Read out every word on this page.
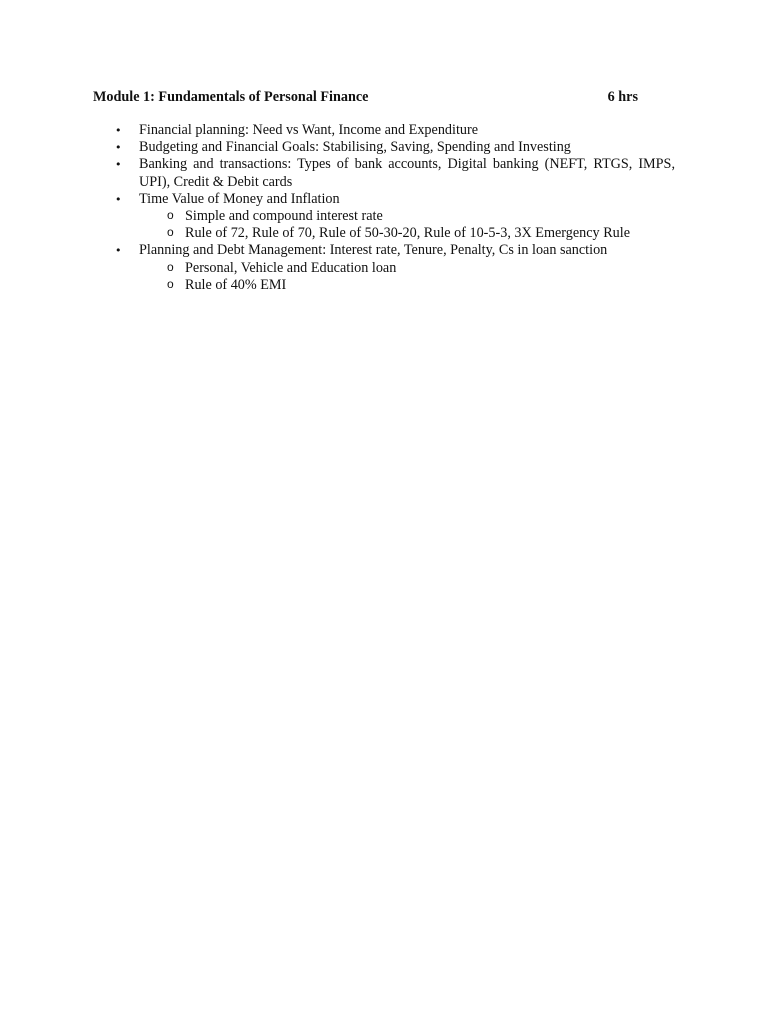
Module 1: Fundamentals of Personal Finance	6 hrs
• Financial planning: Need vs Want, Income and Expenditure
• Budgeting and Financial Goals: Stabilising, Saving, Spending and Investing
• Banking and transactions: Types of bank accounts, Digital banking (NEFT, RTGS, IMPS, UPI), Credit & Debit cards
• Time Value of Money and Inflation
o Simple and compound interest rate
o Rule of 72, Rule of 70, Rule of 50-30-20, Rule of 10-5-3, 3X Emergency Rule
• Planning and Debt Management: Interest rate, Tenure, Penalty, Cs in loan sanction
o Personal, Vehicle and Education loan
o Rule of 40% EMI
